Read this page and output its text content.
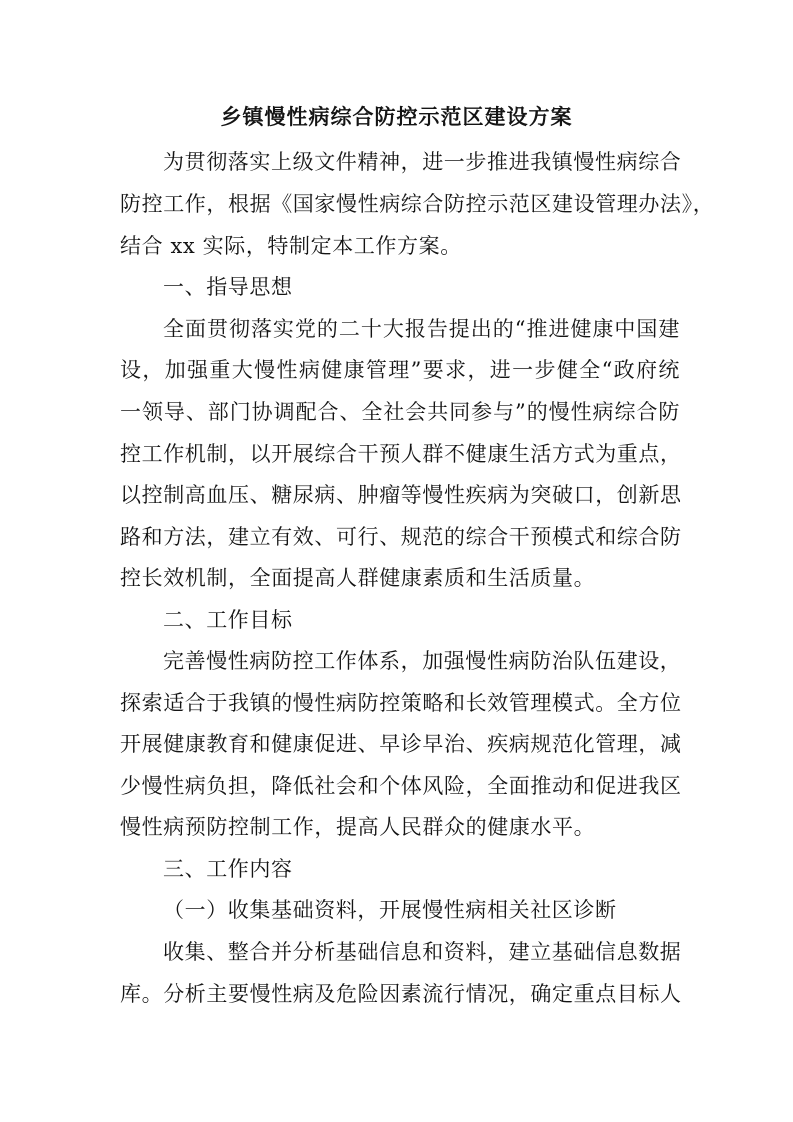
乡镇慢性病综合防控示范区建设方案
为贯彻落实上级文件精神，进一步推进我镇慢性病综合
防控工作，根据《国家慢性病综合防控示范区建设管理办法》，
结合 xx 实际，特制定本工作方案。
一、指导思想
全面贯彻落实党的二十大报告提出的“推进健康中国建
设，加强重大慢性病健康管理”要求，进一步健全“政府统
一领导、部门协调配合、全社会共同参与”的慢性病综合防
控工作机制，以开展综合干预人群不健康生活方式为重点，
以控制高血压、糖尿病、肿瘤等慢性疾病为突破口，创新思
路和方法，建立有效、可行、规范的综合干预模式和综合防
控长效机制，全面提高人群健康素质和生活质量。
二、工作目标
完善慢性病防控工作体系，加强慢性病防治队伍建设，
探索适合于我镇的慢性病防控策略和长效管理模式。全方位
开展健康教育和健康促进、早诊早治、疾病规范化管理，减
少慢性病负担，降低社会和个体风险，全面推动和促进我区
慢性病预防控制工作，提高人民群众的健康水平。
三、工作内容
（一）收集基础资料，开展慢性病相关社区诊断
收集、整合并分析基础信息和资料，建立基础信息数据
库。分析主要慢性病及危险因素流行情况，确定重点目标人
